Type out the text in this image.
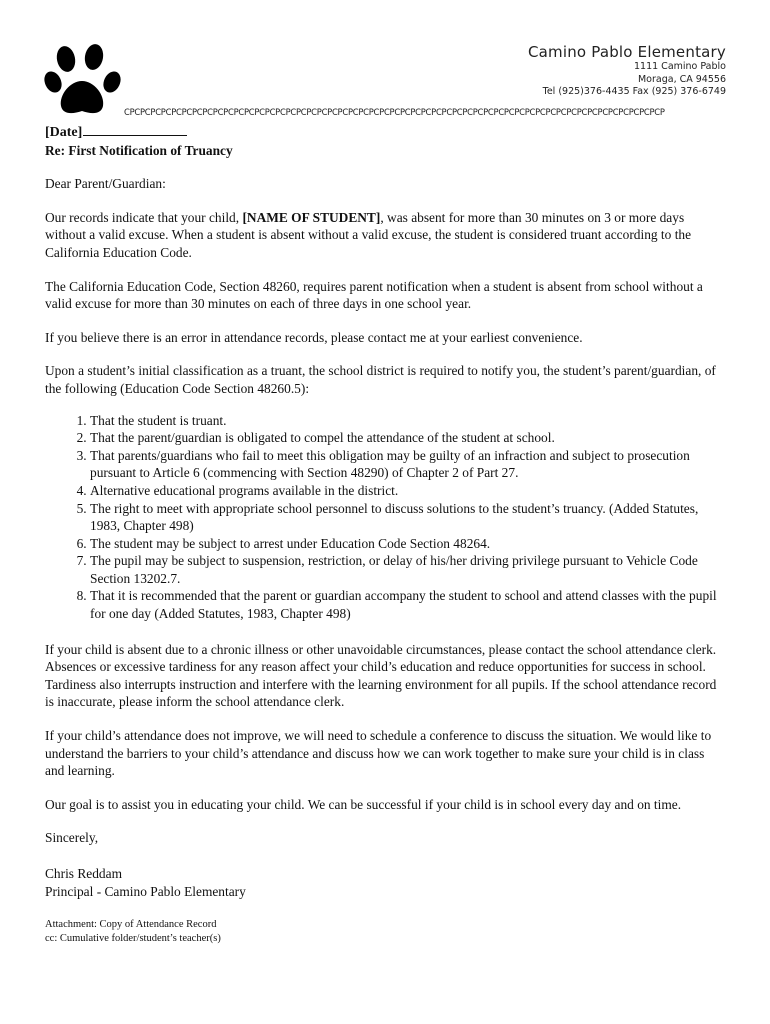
Camino Pablo Elementary
1111 Camino Pablo
Moraga, CA 94556
Tel (925)376-4435 Fax (925) 376-6749
CPCPCPCPCPCPCPCPCPCPCPCPCPCPCPCPCPCPCPCPCPCPCPCPCPCPCPCPCPCPCPCPCPCPCPCPCPCPCPCPCPCPCPCPCPCPCPCPCPCPCPCP
[Date]

Re: First Notification of Truancy

Dear Parent/Guardian:

Our records indicate that your child, [NAME OF STUDENT], was absent for more than 30 minutes on 3 or more days without a valid excuse. When a student is absent without a valid excuse, the student is considered truant according to the California Education Code.

The California Education Code, Section 48260, requires parent notification when a student is absent from school without a valid excuse for more than 30 minutes on each of three days in one school year.

If you believe there is an error in attendance records, please contact me at your earliest convenience.

Upon a student’s initial classification as a truant, the school district is required to notify you, the student’s parent/guardian, of the following (Education Code Section 48260.5):

1. That the student is truant.
2. That the parent/guardian is obligated to compel the attendance of the student at school.
3. That parents/guardians who fail to meet this obligation may be guilty of an infraction and subject to prosecution pursuant to Article 6 (commencing with Section 48290) of Chapter 2 of Part 27.
4. Alternative educational programs available in the district.
5. The right to meet with appropriate school personnel to discuss solutions to the student’s truancy. (Added Statutes, 1983, Chapter 498)
6. The student may be subject to arrest under Education Code Section 48264.
7. The pupil may be subject to suspension, restriction, or delay of his/her driving privilege pursuant to Vehicle Code Section 13202.7.
8. That it is recommended that the parent or guardian accompany the student to school and attend classes with the pupil for one day (Added Statutes, 1983, Chapter 498)

If your child is absent due to a chronic illness or other unavoidable circumstances, please contact the school attendance clerk. Absences or excessive tardiness for any reason affect your child’s education and reduce opportunities for success in school. Tardiness also interrupts instruction and interfere with the learning environment for all pupils. If the school attendance record is inaccurate, please inform the school attendance clerk.

If your child’s attendance does not improve, we will need to schedule a conference to discuss the situation. We would like to understand the barriers to your child’s attendance and discuss how we can work together to make sure your child is in class and learning.

Our goal is to assist you in educating your child. We can be successful if your child is in school every day and on time.

Sincerely,

Chris Reddam

Principal - Camino Pablo Elementary

Attachment: Copy of Attendance Record

cc: Cumulative folder/student’s teacher(s)
